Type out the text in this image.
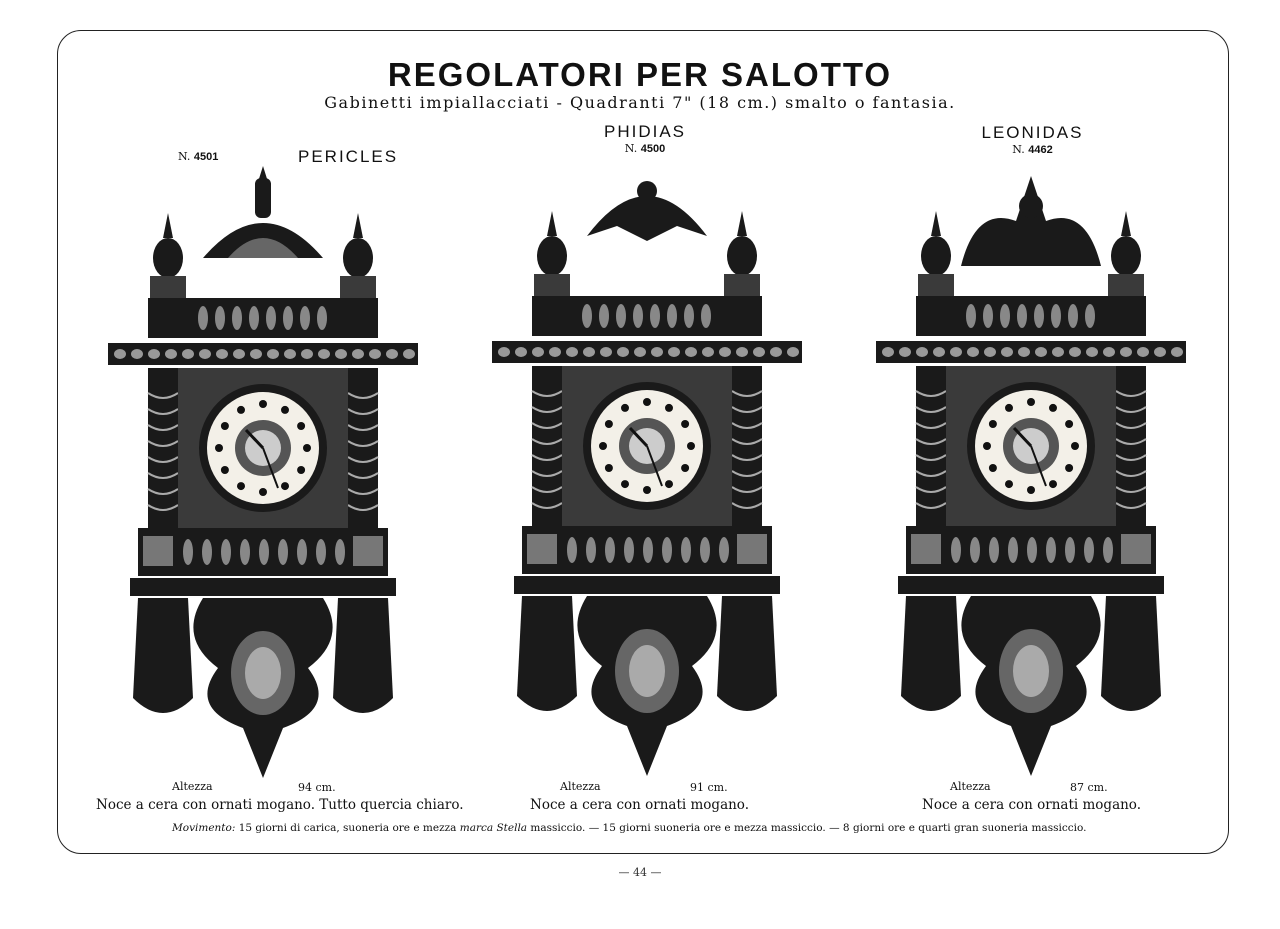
REGOLATORI PER SALOTTO
Gabinetti impiallacciati - Quadranti 7" (18 cm.) smalto o fantasia.
N. 4501	PERICLES
PHIDIAS
N. 4500
LEONIDAS
N. 4462
Altezza	94 cm.
Noce a cera con ornati mogano. Tutto quercia chiaro.
Altezza	91 cm.
Noce a cera con ornati mogano.
Altezza	87 cm.
Noce a cera con ornati mogano.
Movimento: 15 giorni di carica, suoneria ore e mezza marca Stella massiccio. — 15 giorni suoneria ore e mezza massiccio. — 8 giorni ore e quarti gran suoneria massiccio.
— 44 —
